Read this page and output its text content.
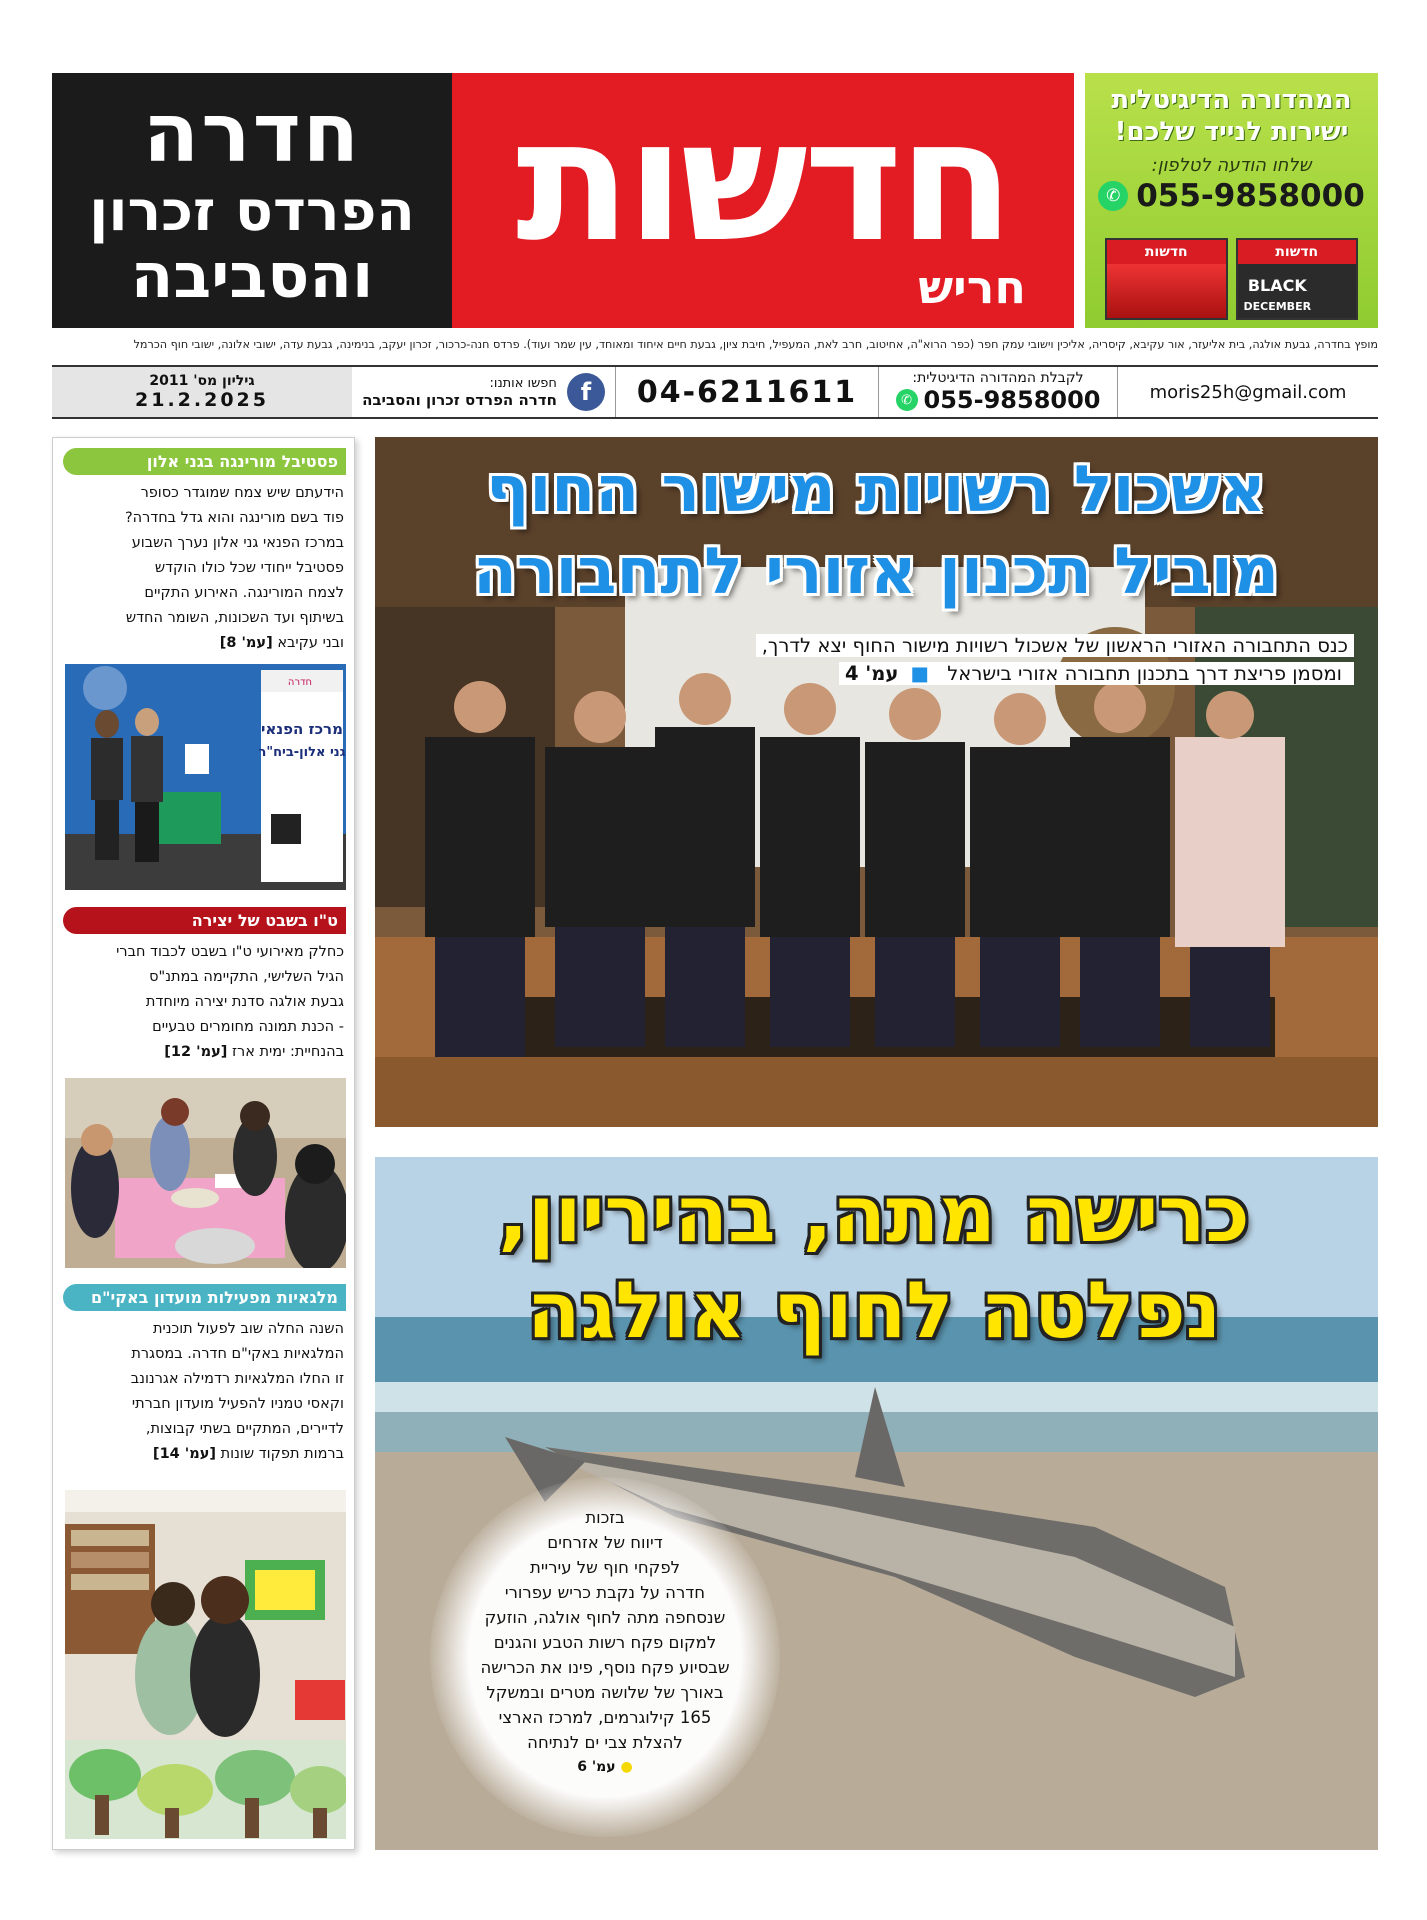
חדרה
הפרדס זכרון
והסביבה חדשות
חריש
המהדורה הדיגיטלית
ישירות לנייד שלכם!
שלחו הודעה לטלפון:
✆ 055-9858000
חדשות	חדשות
BLACK
DECEMBER
מופץ בחדרה, גבעת אולגה, בית אליעזר, אור עקיבא, קיסריה, אליכין וישובי עמק חפר (כפר הרוא"ה, אחיטוב, חרב לאת, המעפיל, חיבת ציון, גבעת חיים איחוד ומאוחד, עין שמר ועוד). פרדס חנה-כרכור, זכרון יעקב, בנימינה, גבעת עדה, ישובי אלונה, ישובי חוף הכרמל
moris25h@gmail.com
לקבלת המהדורה הדיגיטלית:
✆ 055-9858000
04-6211611
f
חפשו אותנו:
חדרה הפרדס זכרון והסביבה
גיליון מס' 2011
21.2.2025
פסטיבל מורינגה בגני אלון
הידעתם שיש צמח שמוגדר כסופר
פוד בשם מורינגה והוא גדל בחדרה?
במרכז הפנאי גני אלון נערך השבוע
פסטיבל ייחודי שכל כולו הוקדש
לצמח המורינגה. האירוע התקיים
בשיתוף ועד השכונות, השומר החדש
ובני עקיבא [עמ' 8]
חדרה
מרכז הפנאי
גני אלון-ביח"ר
ט"ו בשבט של יצירה
כחלק מאירועי ט"ו בשבט לכבוד חברי
הגיל השלישי, התקיימה במתנ"ס
גבעת אולגה סדנת יצירה מיוחדת
- הכנת תמונה מחומרים טבעיים
בהנחיית: ימית ארז [עמ' 12]
מלגאיות מפעילות מועדון באקי"ם
השנה החלה שוב לפעול תוכנית
המלגאיות באקי"ם חדרה. במסגרת
זו החלו המלגאיות רדמילה אגרנונב
וקאסי טמניו להפעיל מועדון חברתי
לדיירים, המתקיים בשתי קבוצות,
ברמות תפקוד שונות [עמ' 14]
אשכול רשויות מישור החוף
מוביל תכנון אזורי לתחבורה
כנס התחבורה האזורי הראשון של אשכול רשויות מישור החוף יצא לדרך,
ומסמן פריצת דרך בתכנון תחבורה אזורי בישראל ■ עמ' 4
כרישה מתה, בהיריון,
נפלטה לחוף אולגה

בזכות

דיווח של אזרחים

לפקחי חוף של עיריית

חדרה על נקבת כריש עפרורי

שנסחפה מתה לחוף אולגה, הוזעק

למקום פקח רשות הטבע והגנים

שבסיוע פקח נוסף, פינו את הכרישה

באורך של שלושה מטרים ובמשקל

165 קילוגרמים, למרכז הארצי

להצלת צבי ים לנתיחה

● עמ' 6
